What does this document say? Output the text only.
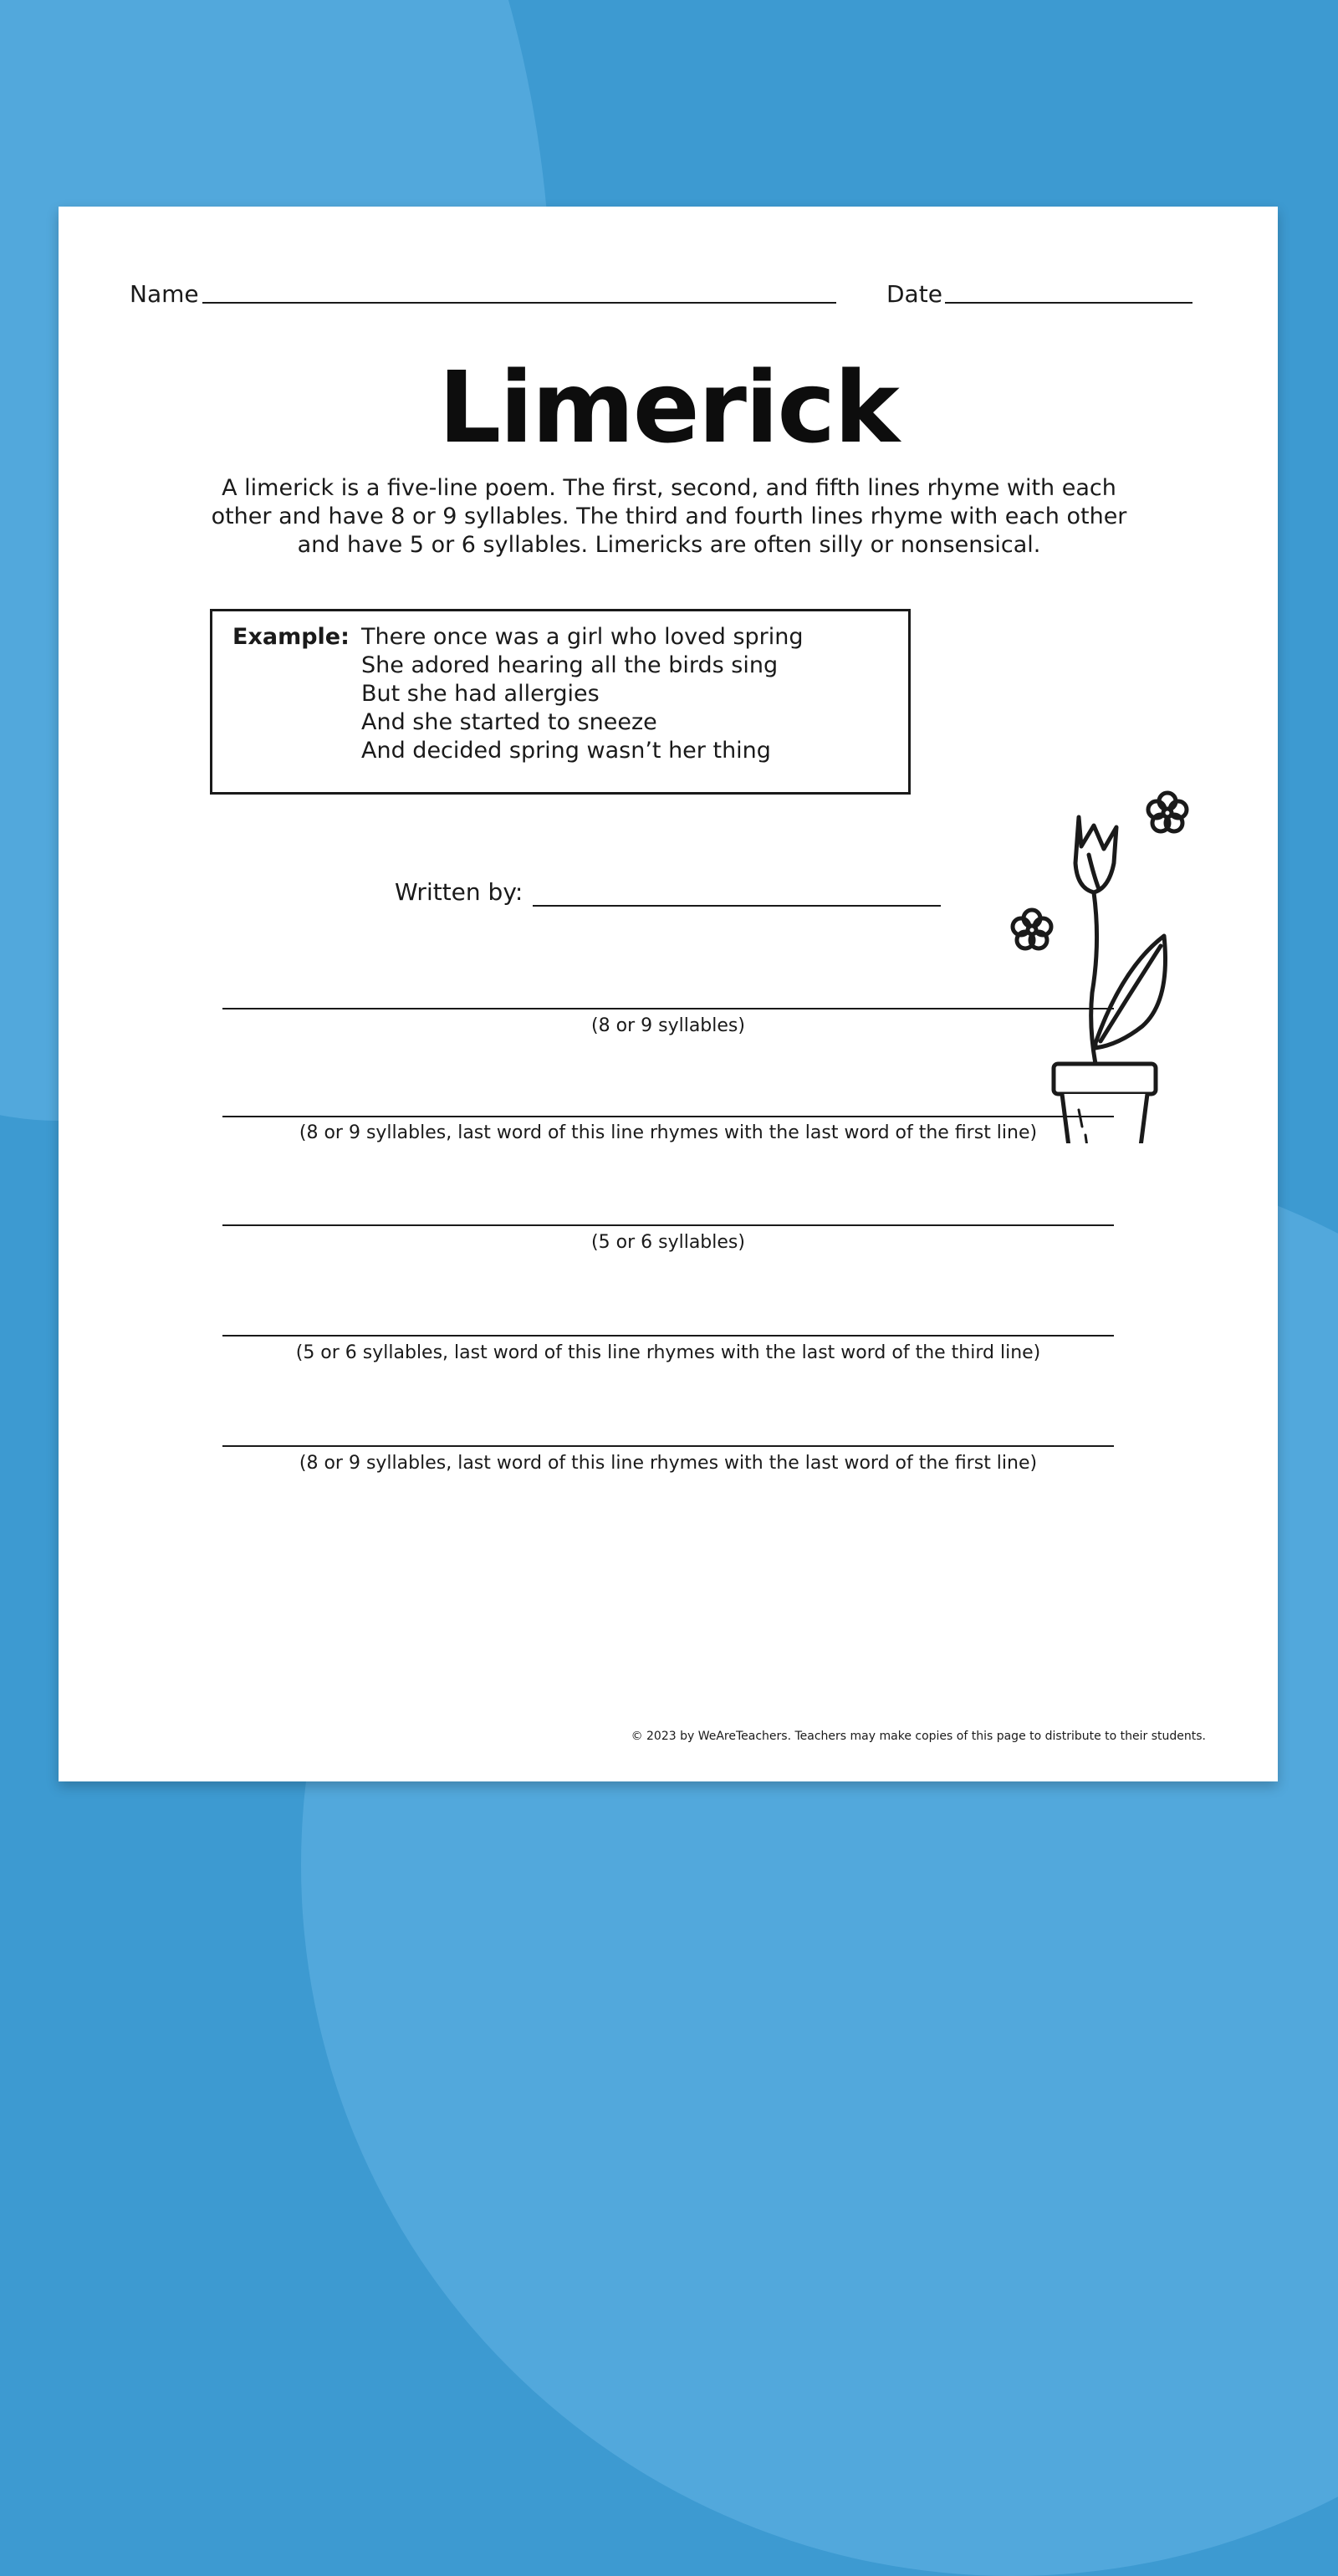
Name	Date
Limerick
A limerick is a five-line poem. The first, second, and fifth lines rhyme with each other and have 8 or 9 syllables. The third and fourth lines rhyme with each other and have 5 or 6 syllables. Limericks are often silly or nonsensical.
Example: There once was a girl who loved spring
She adored hearing all the birds sing
But she had allergies
And she started to sneeze
And decided spring wasn’t her thing
Written by:
(8 or 9 syllables)
(8 or 9 syllables, last word of this line rhymes with the last word of the first line)
(5 or 6 syllables)
(5 or 6 syllables, last word of this line rhymes with the last word of the third line)
(8 or 9 syllables, last word of this line rhymes with the last word of the first line)
© 2023 by WeAreTeachers. Teachers may make copies of this page to distribute to their students.
